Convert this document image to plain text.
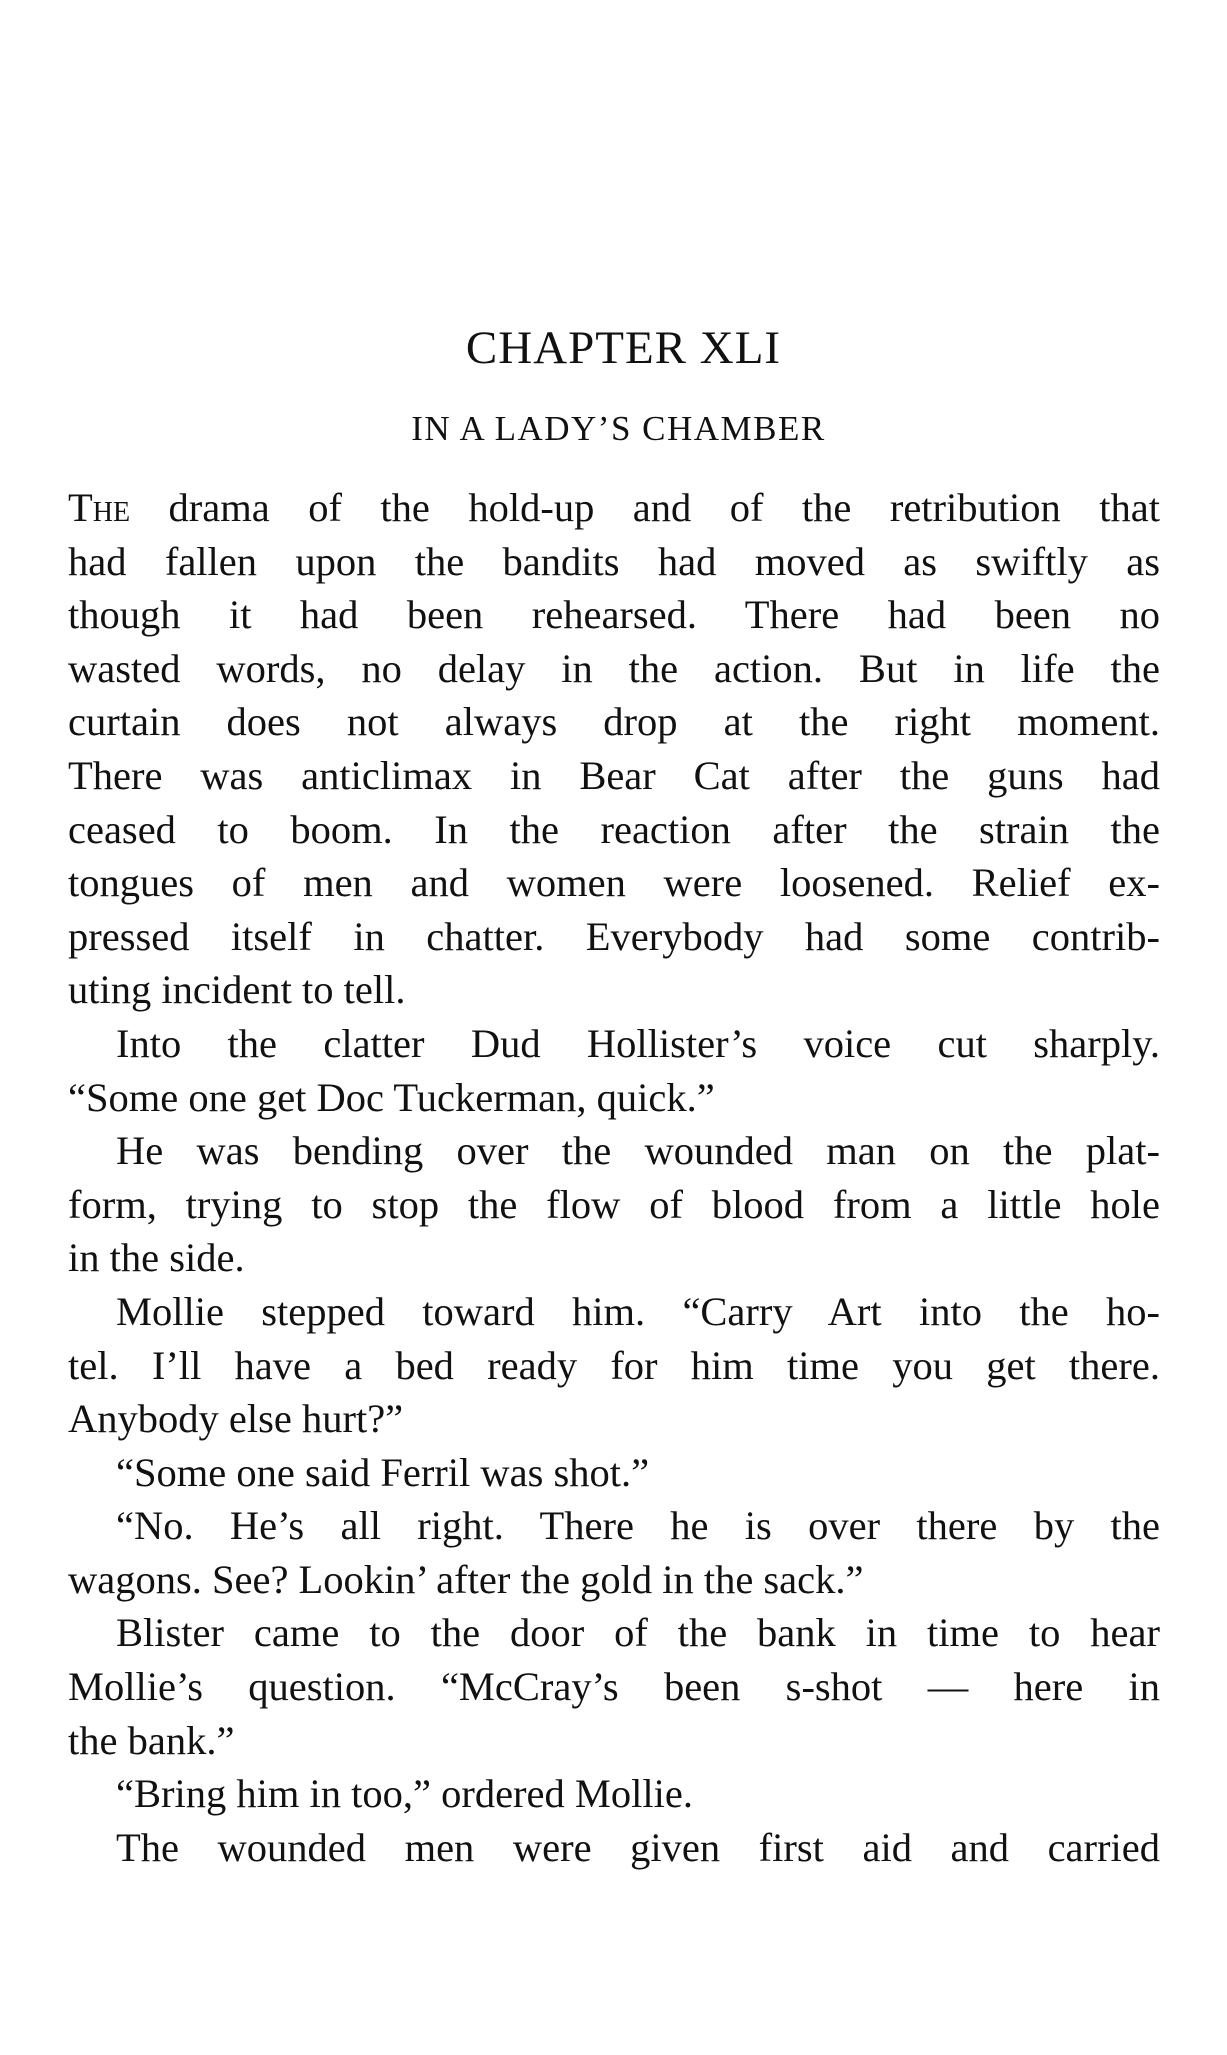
CHAPTER XLI
IN A LADY’S CHAMBER
The drama of the hold-up and of the retribution that
had fallen upon the bandits had moved as swiftly as
though it had been rehearsed. There had been no
wasted words, no delay in the action. But in life the
curtain does not always drop at the right moment.
There was anticlimax in Bear Cat after the guns had
ceased to boom. In the reaction after the strain the
tongues of men and women were loosened. Relief ex-
pressed itself in chatter. Everybody had some contrib-
uting incident to tell.
Into the clatter Dud Hollister’s voice cut sharply.
“Some one get Doc Tuckerman, quick.”
He was bending over the wounded man on the plat-
form, trying to stop the flow of blood from a little hole
in the side.
Mollie stepped toward him. “Carry Art into the ho-
tel. I’ll have a bed ready for him time you get there.
Anybody else hurt?”
“Some one said Ferril was shot.”
“No. He’s all right. There he is over there by the
wagons. See? Lookin’ after the gold in the sack.”
Blister came to the door of the bank in time to hear
Mollie’s question. “McCray’s been s-shot — here in
the bank.”
“Bring him in too,” ordered Mollie.
The wounded men were given first aid and carried
